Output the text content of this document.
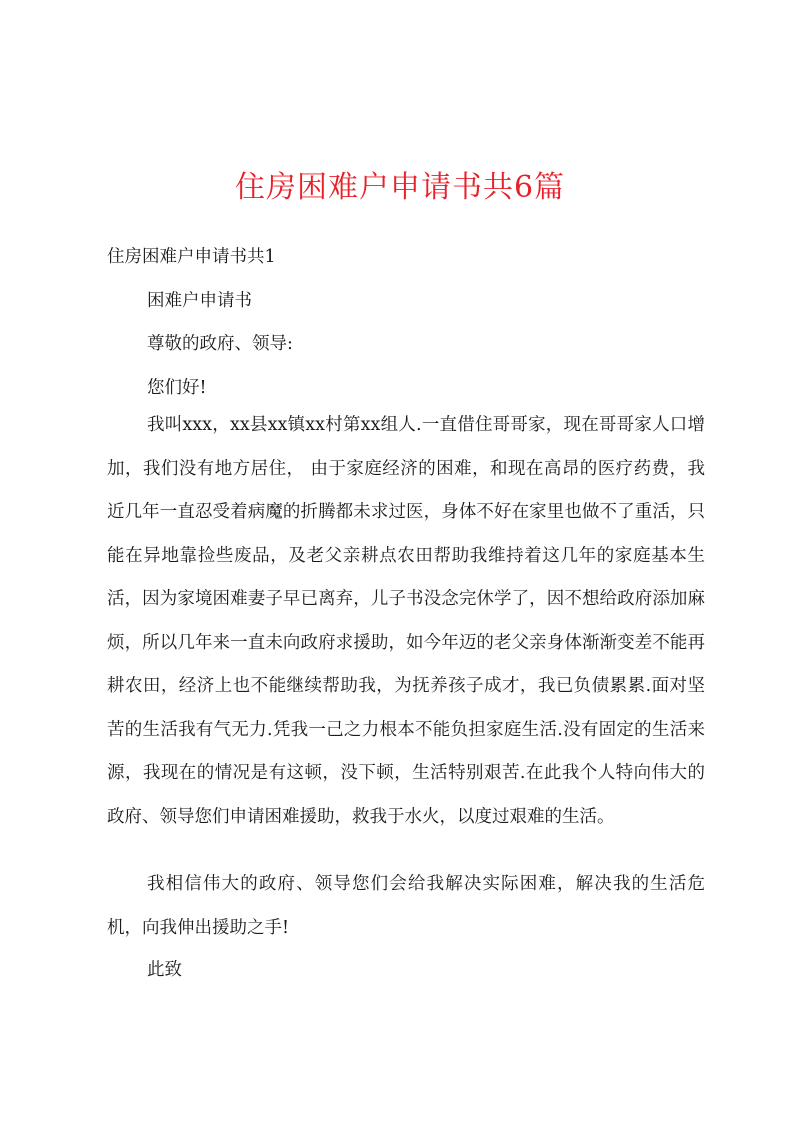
住房困难户申请书共6篇
住房困难户申请书共1

困难户申请书

尊敬的政府、领导:

您们好!

我叫xxx，xx县xx镇xx村第xx组人.一直借住哥哥家，现在哥哥家人口增加，我们没有地方居住， 由于家庭经济的困难，和现在高昂的医疗药费，我近几年一直忍受着病魔的折腾都未求过医，身体不好在家里也做不了重活，只能在异地靠捡些废品，及老父亲耕点农田帮助我维持着这几年的家庭基本生活，因为家境困难妻子早已离弃，儿子书没念完休学了，因不想给政府添加麻烦，所以几年来一直未向政府求援助，如今年迈的老父亲身体渐渐变差不能再耕农田，经济上也不能继续帮助我，为抚养孩子成才，我已负债累累.面对坚苦的生活我有气无力.凭我一己之力根本不能负担家庭生活.没有固定的生活来源，我现在的情况是有这顿，没下顿，生活特别艰苦.在此我个人特向伟大的政府、领导您们申请困难援助，救我于水火，以度过艰难的生活。

我相信伟大的政府、领导您们会给我解决实际困难，解决我的生活危机，向我伸出援助之手!

此致
